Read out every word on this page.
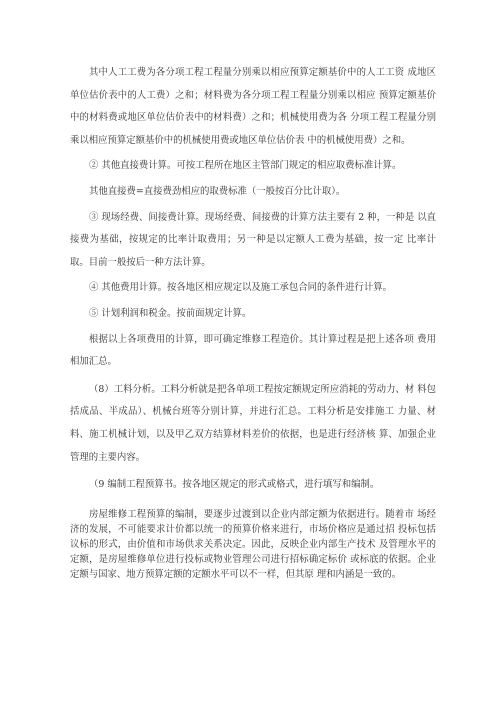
其中人工工费为各分项工程工程量分别乘以相应预算定额基价中的人工工资 成地区单位估价表中的人工费）之和；材料费为各分项工程工程量分别乘以相应 预算定额基价中的材料费或地区单位估价表中的材料费）之和；机械使用费为各 分项工程工程量分别乘以相应预算定额基价中的机械使用费或地区单位估价表 中的机械使用费）之和。

② 其他直接费计算。可按工程所在地区主管部门规定的相应取费标准计算。

其他直接费=直接费劲相应的取费标准（一般按百分比计取）。

③ 现场经费、间接费计算。现场经费、间接费的计算方法主要有 2 种，一种是 以直接费为基础，按规定的比率计取费用；另一种是以定额人工费为基础，按一定 比率计取。目前一般按后一种方法计算。

④ 其他费用计算。按各地区相应规定以及施工承包合同的条件进行计算。

⑤ 计划利润和税金。按前面规定计算。

根据以上各项费用的计算，即可确定维修工程造价。其计算过程是把上述各项 费用相加汇总。

（8）工料分析。工料分析就是把各单项工程按定额规定所应消耗的劳动力、材 料包括成品、半成品）、机械台班等分别计算，并进行汇总。工料分析是安排施工 力量、材料、施工机械计划，以及甲乙双方结算材料差价的依据，也是进行经济核 算、加强企业管理的主要内容。

（9 编制工程预算书。按各地区规定的形式或格式，进行填写和编制。

房屋维修工程预算的编制，要逐步过渡到以企业内部定额为依据进行。随着市 场经济的发展，不可能要求计价都以统一的预算价格来进行，市场价格应是通过招 投标包括议标的形式，由价值和市场供求关系决定。因此，反映企业内部生产技术 及管理水平的定额，是房屋维修单位进行投标或物业管理公司进行招标确定标价 或标底的依据。企业定额与国家、地方预算定额的定额水平可以不一样，但其原 理和内涵是一致的。
